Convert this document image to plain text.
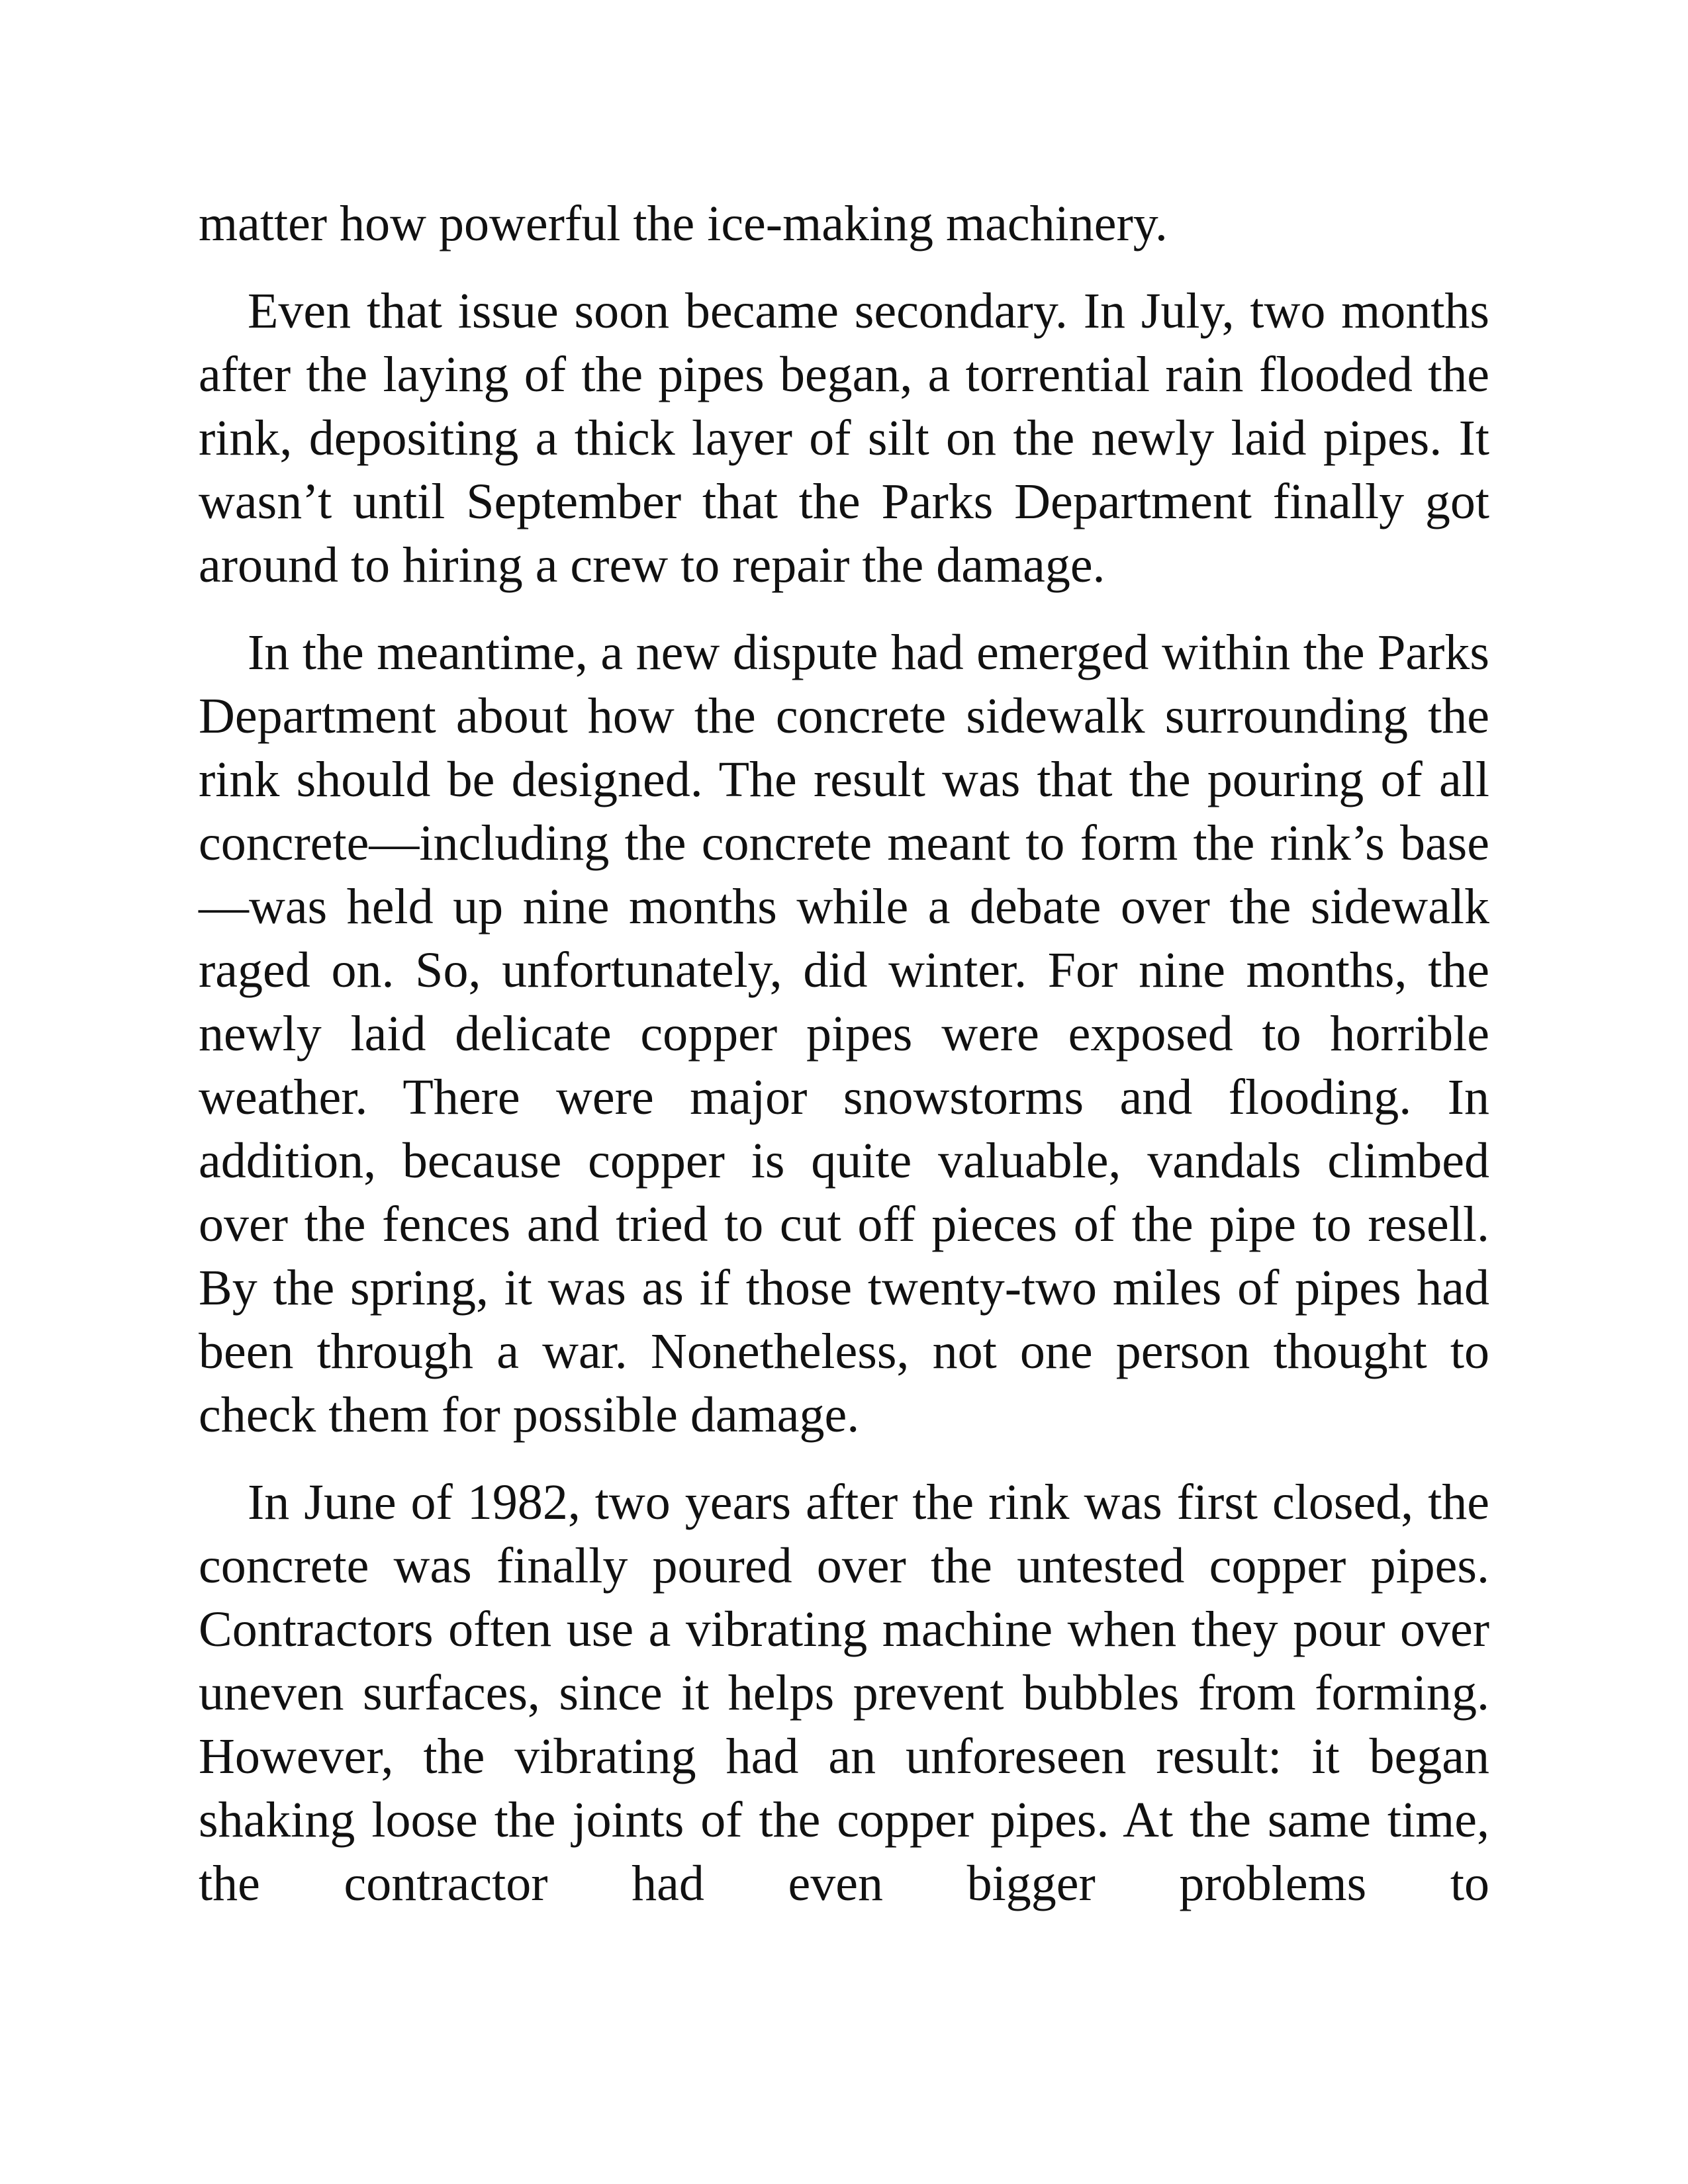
matter how powerful the ice-making machinery.

Even that issue soon became secondary. In July, two months after the laying of the pipes began, a torrential rain flooded the rink, depositing a thick layer of silt on the newly laid pipes. It wasn’t until September that the Parks Department finally got around to hiring a crew to repair the damage.

In the meantime, a new dispute had emerged within the Parks Department about how the concrete sidewalk surrounding the rink should be designed. The result was that the pouring of all concrete—including the concrete meant to form the rink’s base—was held up nine months while a debate over the sidewalk raged on. So, unfortunately, did winter. For nine months, the newly laid delicate copper pipes were exposed to horrible weather. There were major snowstorms and flooding. In addition, because copper is quite valuable, vandals climbed over the fences and tried to cut off pieces of the pipe to resell. By the spring, it was as if those twenty-two miles of pipes had been through a war. Nonetheless, not one person thought to check them for possible damage.

In June of 1982, two years after the rink was first closed, the concrete was finally poured over the untested copper pipes. Contractors often use a vibrating machine when they pour over uneven surfaces, since it helps prevent bubbles from forming. However, the vibrating had an unforeseen result: it began shaking loose the joints of the copper pipes. At the same time, the contractor had even bigger problems to
